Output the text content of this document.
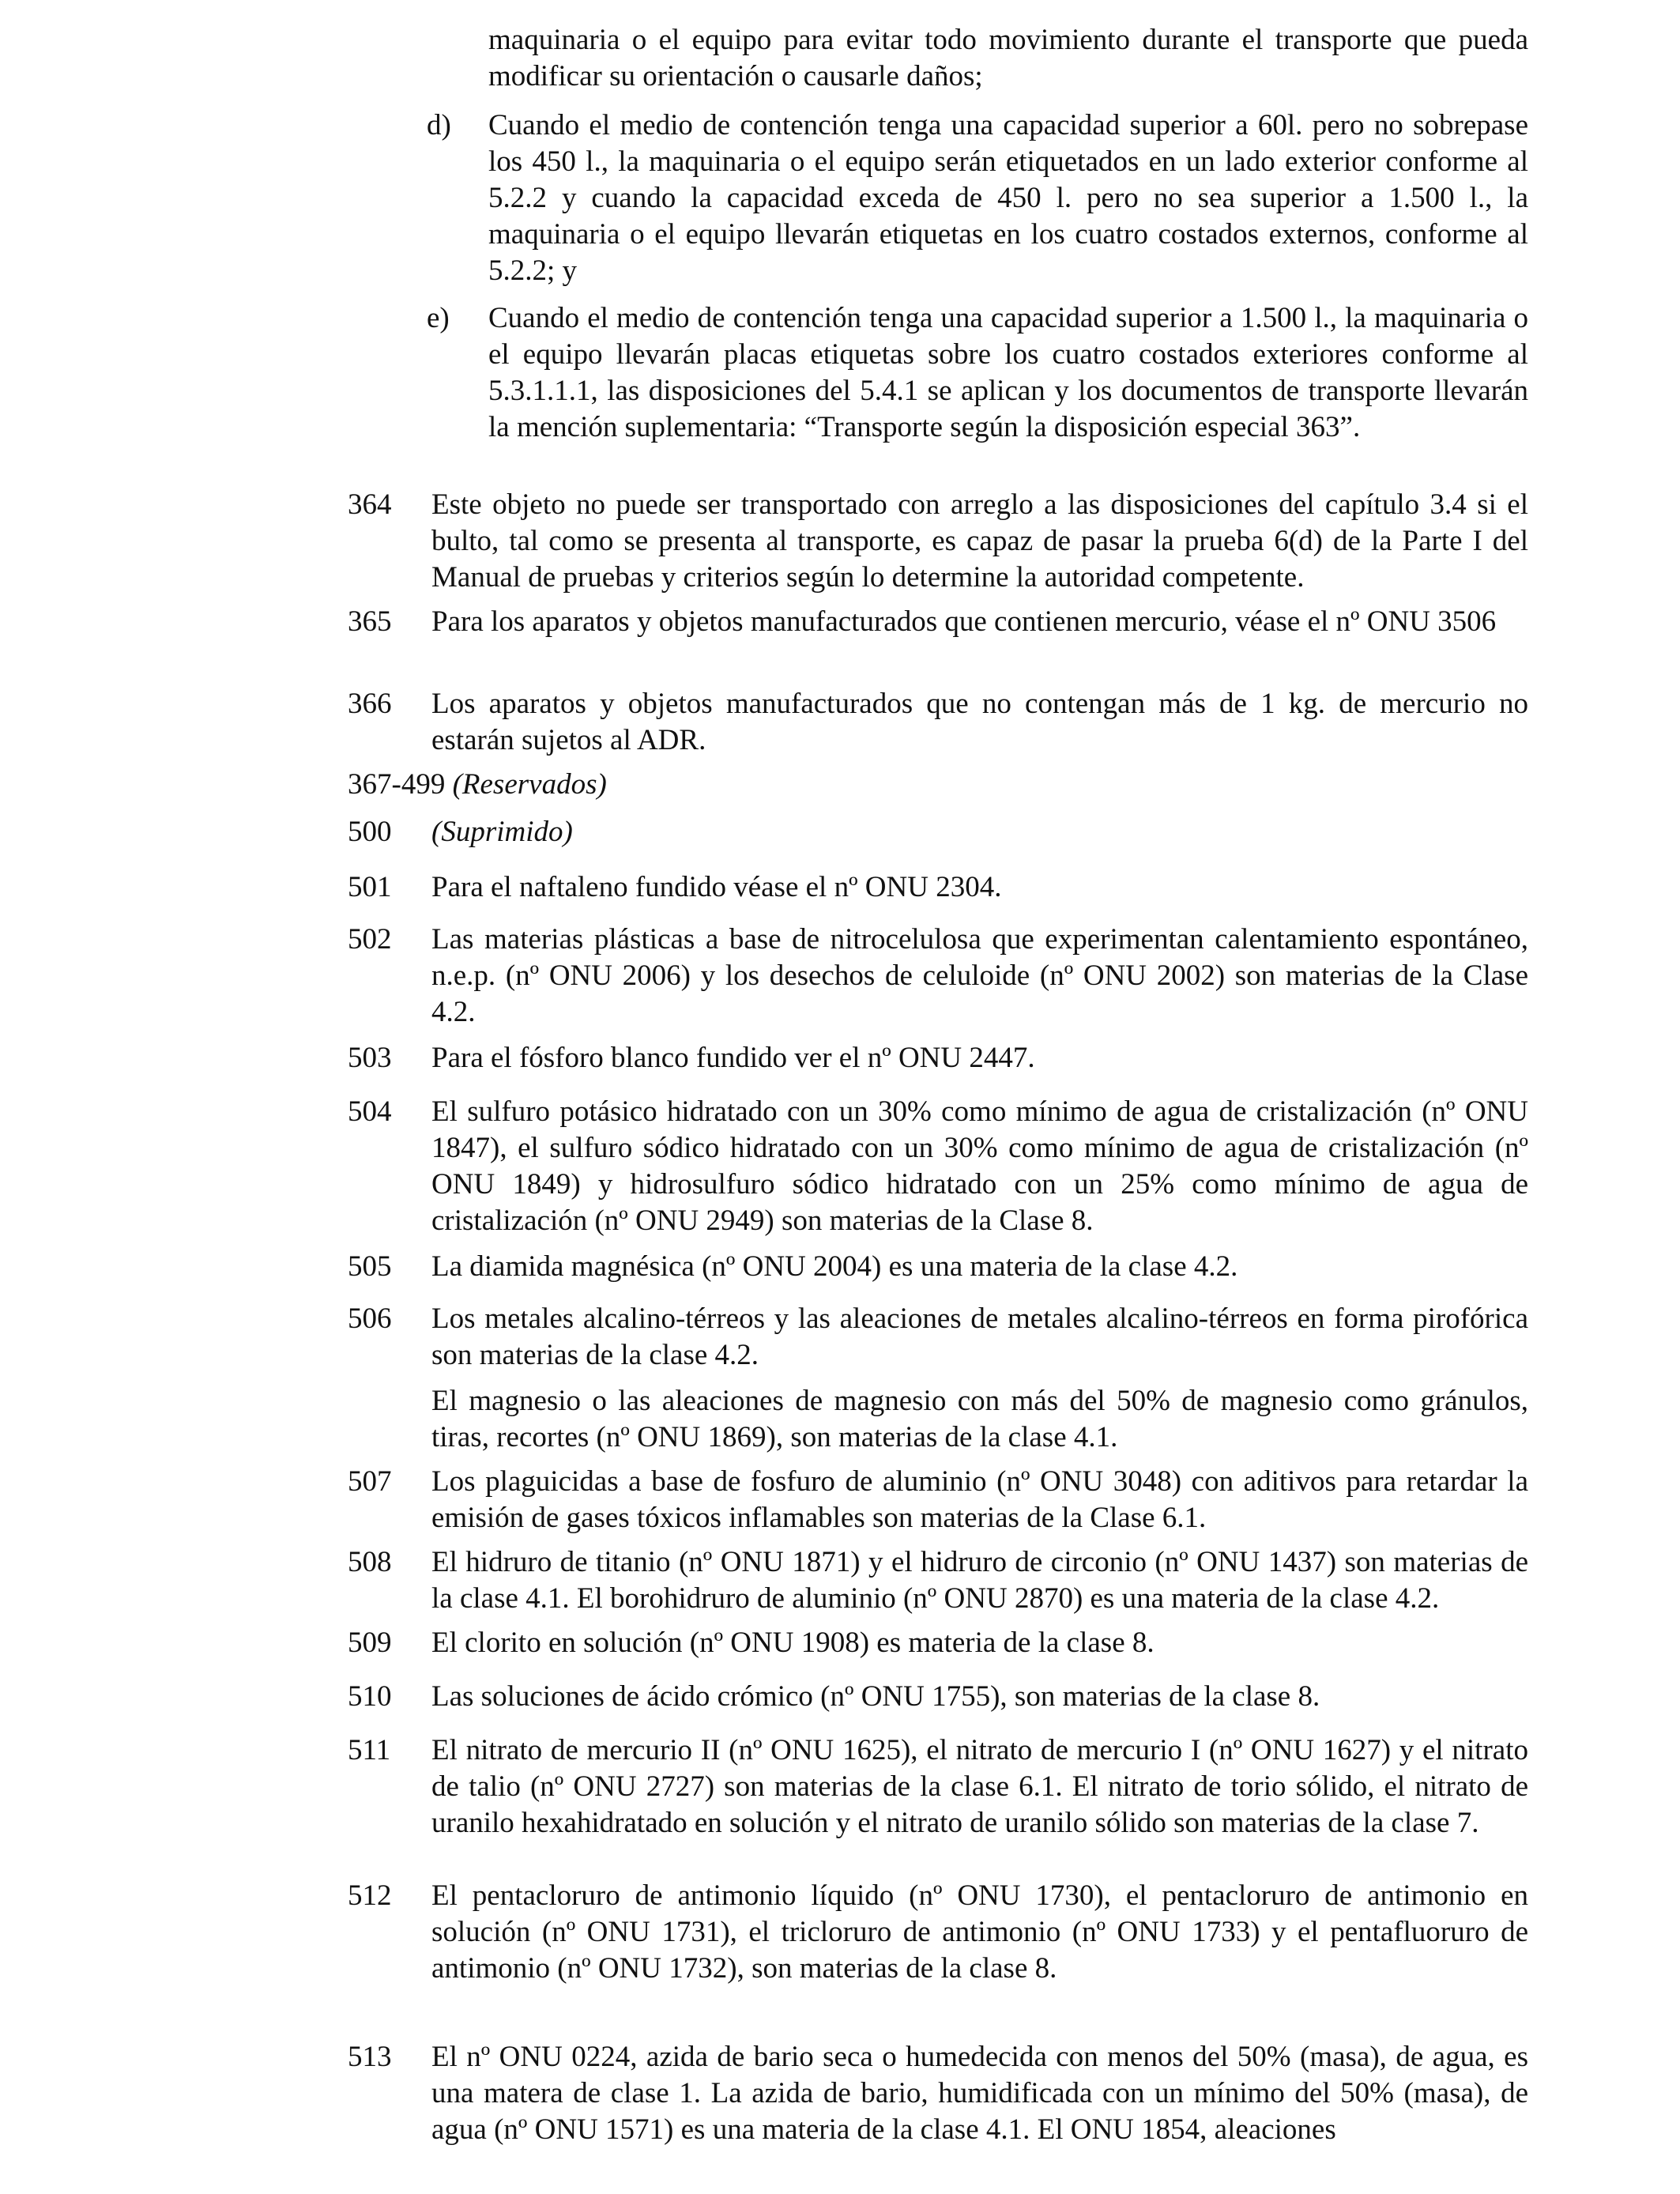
maquinaria o el equipo para evitar todo movimiento durante el transporte que pueda modificar su orientación o causarle daños;

d)	Cuando el medio de contención tenga una capacidad superior a 60l. pero no sobrepase los 450 l., la maquinaria o el equipo serán etiquetados en un lado exterior conforme al 5.2.2 y cuando la capacidad exceda de 450 l. pero no sea superior a 1.500 l., la maquinaria o el equipo llevarán etiquetas en los cuatro costados externos, conforme al 5.2.2; y
e)	Cuando el medio de contención tenga una capacidad superior a 1.500 l., la maquinaria o el equipo llevarán placas etiquetas sobre los cuatro costados exteriores conforme al 5.3.1.1.1, las disposiciones del 5.4.1 se aplican y los documentos de transporte llevarán la mención suplementaria: “Transporte según la disposición especial 363”.
364	Este objeto no puede ser transportado con arreglo a las disposiciones del capítulo 3.4 si el bulto, tal como se presenta al transporte, es capaz de pasar la prueba 6(d) de la Parte I del Manual de pruebas y criterios según lo determine la autoridad competente.

365	Para los aparatos y objetos manufacturados que contienen mercurio, véase el nº ONU 3506

366	Los aparatos y objetos manufacturados que no contengan más de 1 kg. de mercurio no estarán sujetos al ADR.

367-499 (Reservados)
500	(Suprimido)

501	Para el naftaleno fundido véase el nº ONU 2304.

502	Las materias plásticas a base de nitrocelulosa que experimentan calentamiento espontáneo, n.e.p. (nº ONU 2006) y los desechos de celuloide (nº ONU 2002) son materias de la Clase 4.2.

503	Para el fósforo blanco fundido ver el nº ONU 2447.

504	El sulfuro potásico hidratado con un 30% como mínimo de agua de cristalización (nº ONU 1847), el sulfuro sódico hidratado con un 30% como mínimo de agua de cristalización (nº ONU 1849) y hidrosulfuro sódico hidratado con un 25% como mínimo de agua de cristalización (nº ONU 2949) son materias de la Clase 8.

505	La diamida magnésica (nº ONU 2004) es una materia de la clase 4.2.

506	Los metales alcalino-térreos y las aleaciones de metales alcalino-térreos en forma pirofórica son materias de la clase 4.2.

El magnesio o las aleaciones de magnesio con más del 50% de magnesio como gránulos, tiras, recortes (nº ONU 1869), son materias de la clase 4.1.

507	Los plaguicidas a base de fosfuro de aluminio (nº ONU 3048) con aditivos para retardar la emisión de gases tóxicos inflamables son materias de la Clase 6.1.

508	El hidruro de titanio (nº ONU 1871) y el hidruro de circonio (nº ONU 1437) son materias de la clase 4.1. El borohidruro de aluminio (nº ONU 2870) es una materia de la clase 4.2.

509	El clorito en solución (nº ONU 1908) es materia de la clase 8.

510	Las soluciones de ácido crómico (nº ONU 1755), son materias de la clase 8.

511	El nitrato de mercurio II (nº ONU 1625), el nitrato de mercurio I (nº ONU 1627) y el nitrato de talio (nº ONU 2727) son materias de la clase 6.1. El nitrato de torio sólido, el nitrato de uranilo hexahidratado en solución y el nitrato de uranilo sólido son materias de la clase 7.

512	El pentacloruro de antimonio líquido (nº ONU 1730), el pentacloruro de antimonio en solución (nº ONU 1731), el tricloruro de antimonio (nº ONU 1733) y el pentafluoruro de antimonio (nº ONU 1732), son materias de la clase 8.

513	El nº ONU 0224, azida de bario seca o humedecida con menos del 50% (masa), de agua, es una matera de clase 1. La azida de bario, humidificada con un mínimo del 50% (masa), de agua (nº ONU 1571) es una materia de la clase 4.1. El ONU 1854, aleaciones
